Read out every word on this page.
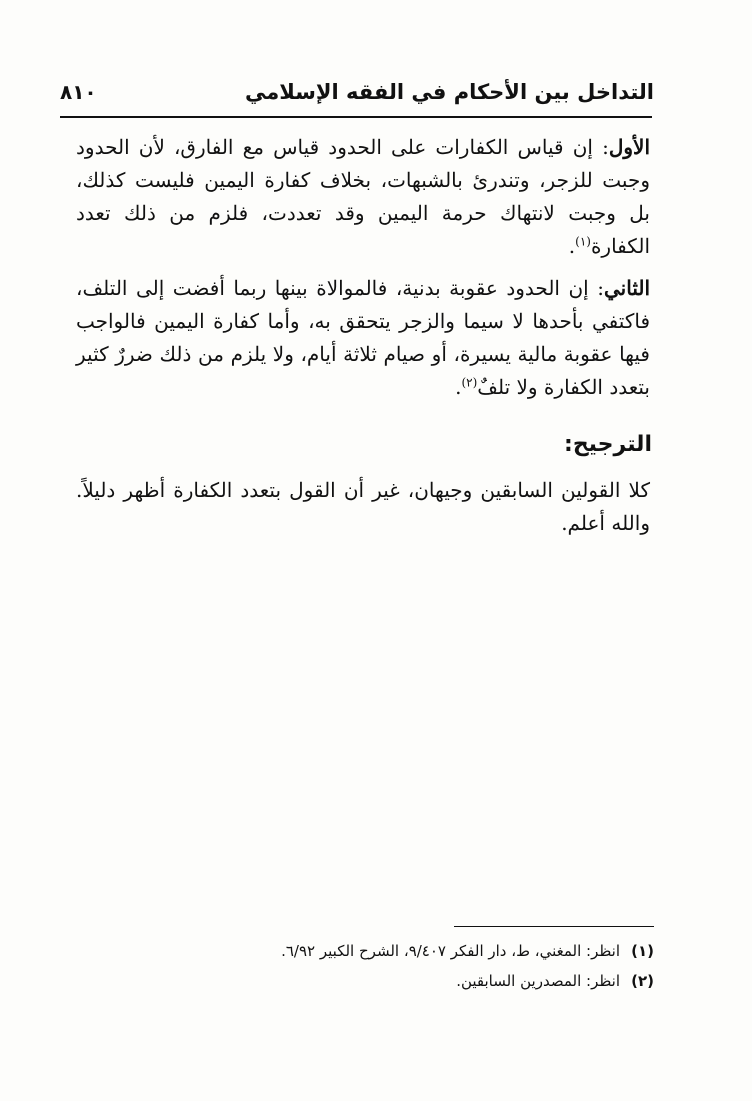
التداخل بين الأحكام في الفقه الإسلامي
٨١٠
الأول: إن قياس الكفارات على الحدود قياس مع الفارق، لأن الحدود وجبت للزجر، وتندرئ بالشبهات، بخلاف كفارة اليمين فليست كذلك، بل وجبت لانتهاك حرمة اليمين وقد تعددت، فلزم من ذلك تعدد الكفارة$^{(١)}$.
الثاني: إن الحدود عقوبة بدنية، فالموالاة بينها ربما أفضت إلى التلف، فاكتفي بأحدها لا سيما والزجر يتحقق به، وأما كفارة اليمين فالواجب فيها عقوبة مالية يسيرة، أو صيام ثلاثة أيام، ولا يلزم من ذلك ضررٌ كثير بتعدد الكفارة ولا تلفٌ$^{(٢)}$.
الترجيح:
كلا القولين السابقين وجيهان، غير أن القول بتعدد الكفارة أظهر دليلاً. والله أعلم.
(١)انظر: المغني، ط، دار الفكر ٩/٤٠٧، الشرح الكبير ٦/٩٢.
(٢)انظر: المصدرين السابقين.
